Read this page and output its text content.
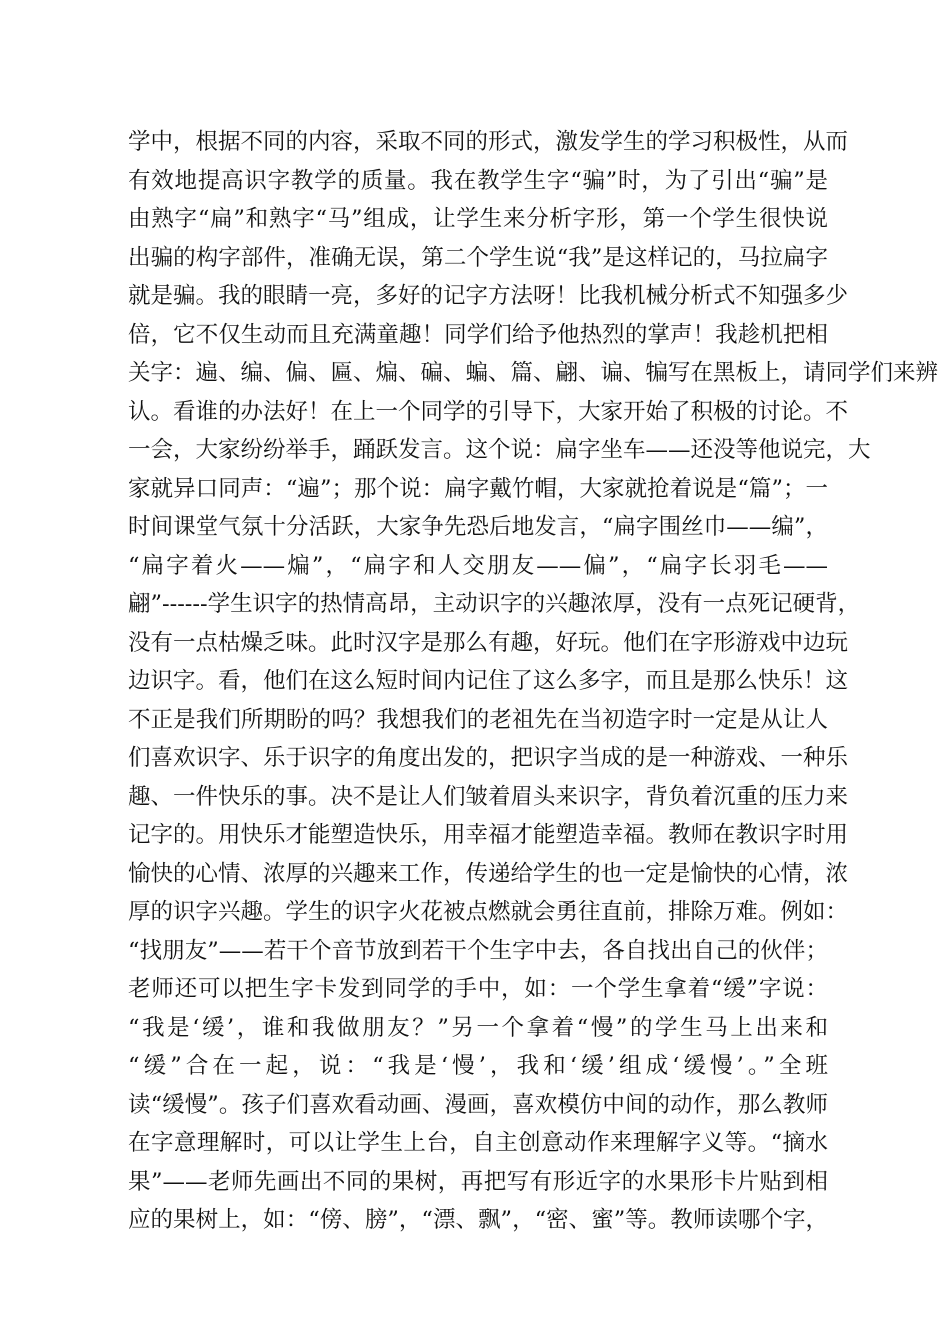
学中，根据不同的内容，采取不同的形式，激发学生的学习积极性，从而
有效地提高识字教学的质量。我在教学生字“骗”时，为了引出“骗”是
由熟字“扁”和熟字“马”组成，让学生来分析字形，第一个学生很快说
出骗的构字部件，准确无误，第二个学生说“我”是这样记的，马拉扁字
就是骗。我的眼睛一亮，多好的记字方法呀！比我机械分析式不知强多少
倍，它不仅生动而且充满童趣！同学们给予他热烈的掌声！我趁机把相
关字：遍、编、偏、匾、煸、碥、蝙、篇、翩、谝、犏写在黑板上，请同学们来辨
认。看谁的办法好！在上一个同学的引导下，大家开始了积极的讨论。不
一会，大家纷纷举手，踊跃发言。这个说：扁字坐车——还没等他说完，大
家就异口同声：“遍”；那个说：扁字戴竹帽，大家就抢着说是“篇”；一
时间课堂气氛十分活跃，大家争先恐后地发言，“扁字围丝巾——编”，
“扁字着火——煸”，“扁字和人交朋友——偏”，“扁字长羽毛——
翩”------学生识字的热情高昂，主动识字的兴趣浓厚，没有一点死记硬背，
没有一点枯燥乏味。此时汉字是那么有趣，好玩。他们在字形游戏中边玩
边识字。看，他们在这么短时间内记住了这么多字，而且是那么快乐！这
不正是我们所期盼的吗？我想我们的老祖先在当初造字时一定是从让人
们喜欢识字、乐于识字的角度出发的，把识字当成的是一种游戏、一种乐
趣、一件快乐的事。决不是让人们皱着眉头来识字，背负着沉重的压力来
记字的。用快乐才能塑造快乐，用幸福才能塑造幸福。教师在教识字时用
愉快的心情、浓厚的兴趣来工作，传递给学生的也一定是愉快的心情，浓
厚的识字兴趣。学生的识字火花被点燃就会勇往直前，排除万难。例如：
“找朋友”——若干个音节放到若干个生字中去，各自找出自己的伙伴；
老师还可以把生字卡发到同学的手中，如：一个学生拿着“缓”字说：
“我是‘缓’，谁和我做朋友？”另一个拿着“慢”的学生马上出来和
“缓”合在一起，说：“我是‘慢’，我和‘缓’组成‘缓慢’。”全班
读“缓慢”。孩子们喜欢看动画、漫画，喜欢模仿中间的动作，那么教师
在字意理解时，可以让学生上台，自主创意动作来理解字义等。“摘水
果”——老师先画出不同的果树，再把写有形近字的水果形卡片贴到相
应的果树上，如：“傍、膀”，“漂、飘”，“密、蜜”等。教师读哪个字，
